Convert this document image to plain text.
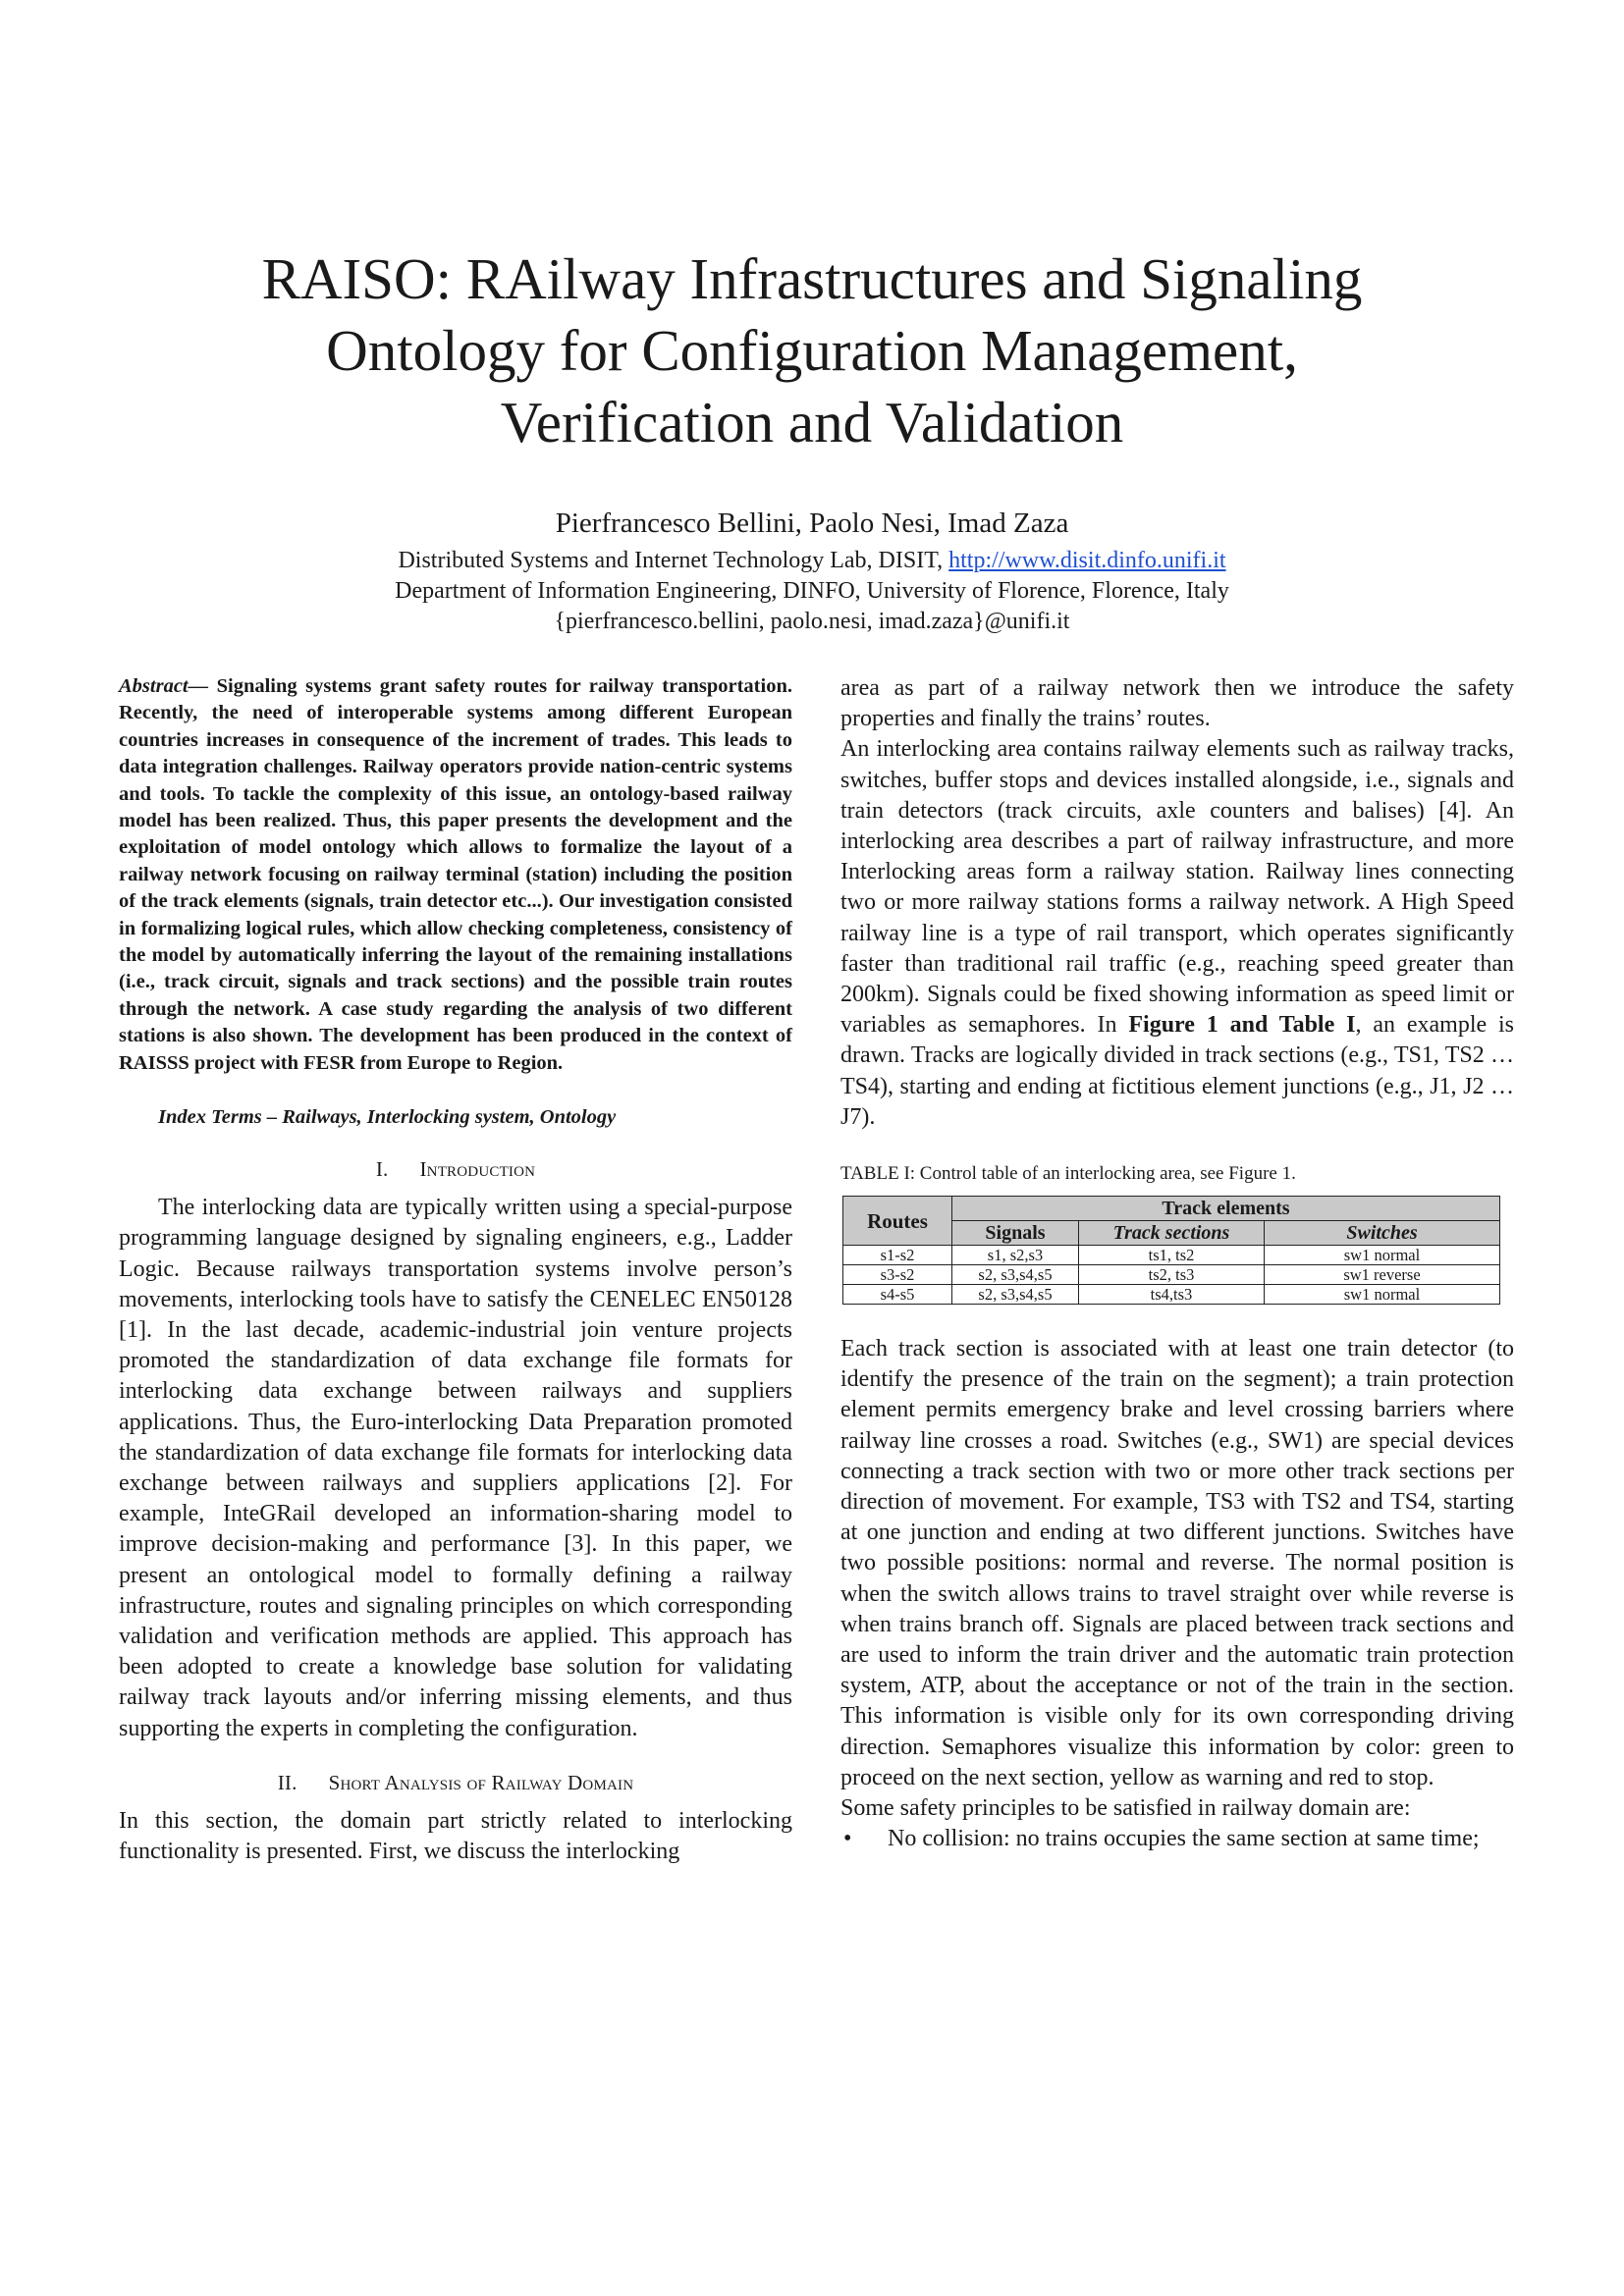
RAISO: RAilway Infrastructures and Signaling
Ontology for Configuration Management,
Verification and Validation

Pierfrancesco Bellini, Paolo Nesi, Imad Zaza

Distributed Systems and Internet Technology Lab, DISIT, http://www.disit.dinfo.unifi.it
Department of Information Engineering, DINFO, University of Florence, Florence, Italy
{pierfrancesco.bellini, paolo.nesi, imad.zaza}@unifi.it

Abstract— Signaling systems grant safety routes for railway transportation. Recently, the need of interoperable systems among different European countries increases in consequence of the increment of trades. This leads to data integration challenges. Railway operators provide nation-centric systems and tools. To tackle the complexity of this issue, an ontology-based railway model has been realized. Thus, this paper presents the development and the exploitation of model ontology which allows to formalize the layout of a railway network focusing on railway terminal (station) including the position of the track elements (signals, train detector etc...). Our investigation consisted in formalizing logical rules, which allow checking completeness, consistency of the model by automatically inferring the layout of the remaining installations (i.e., track circuit, signals and track sections) and the possible train routes through the network. A case study regarding the analysis of two different stations is also shown. The development has been produced in the context of RAISSS project with FESR from Europe to Region.

Index Terms – Railways, Interlocking system, Ontology

I. Introduction

The interlocking data are typically written using a special-purpose programming language designed by signaling engineers, e.g., Ladder Logic. Because railways transportation systems involve person’s movements, interlocking tools have to satisfy the CENELEC EN50128 [1]. In the last decade, academic-industrial join venture projects promoted the standardization of data exchange file formats for interlocking data exchange between railways and suppliers applications. Thus, the Euro-interlocking Data Preparation promoted the standardization of data exchange file formats for interlocking data exchange between railways and suppliers applications [2]. For example, InteGRail developed an information-sharing model to improve decision-making and performance [3]. In this paper, we present an ontological model to formally defining a railway infrastructure, routes and signaling principles on which corresponding validation and verification methods are applied. This approach has been adopted to create a knowledge base solution for validating railway track layouts and/or inferring missing elements, and thus supporting the experts in completing the configuration.

II. Short Analysis of Railway Domain

In this section, the domain part strictly related to interlocking functionality is presented. First, we discuss the interlocking

area as part of a railway network then we introduce the safety properties and finally the trains’ routes.

An interlocking area contains railway elements such as railway tracks, switches, buffer stops and devices installed alongside, i.e., signals and train detectors (track circuits, axle counters and balises) [4]. An interlocking area describes a part of railway infrastructure, and more Interlocking areas form a railway station. Railway lines connecting two or more railway stations forms a railway network. A High Speed railway line is a type of rail transport, which operates significantly faster than traditional rail traffic (e.g., reaching speed greater than 200km). Signals could be fixed showing information as speed limit or variables as semaphores. In Figure 1 and Table I, an example is drawn. Tracks are logically divided in track sections (e.g., TS1, TS2 … TS4), starting and ending at fictitious element junctions (e.g., J1, J2 … J7).

TABLE I: Control table of an interlocking area, see Figure 1.

Routes	Track elements		
	Signals	Track sections	Switches
s1-s2	s1, s2,s3	ts1, ts2	sw1 normal
s3-s2	s2, s3,s4,s5	ts2, ts3	sw1 reverse
s4-s5	s2, s3,s4,s5	ts4,ts3	sw1 normal

Each track section is associated with at least one train detector (to identify the presence of the train on the segment); a train protection element permits emergency brake and level crossing barriers where railway line crosses a road. Switches (e.g., SW1) are special devices connecting a track section with two or more other track sections per direction of movement. For example, TS3 with TS2 and TS4, starting at one junction and ending at two different junctions. Switches have two possible positions: normal and reverse. The normal position is when the switch allows trains to travel straight over while reverse is when trains branch off. Signals are placed between track sections and are used to inform the train driver and the automatic train protection system, ATP, about the acceptance or not of the train in the section. This information is visible only for its own corresponding driving direction. Semaphores visualize this information by color: green to proceed on the next section, yellow as warning and red to stop.

Some safety principles to be satisfied in railway domain are:

• No collision: no trains occupies the same section at same time;
